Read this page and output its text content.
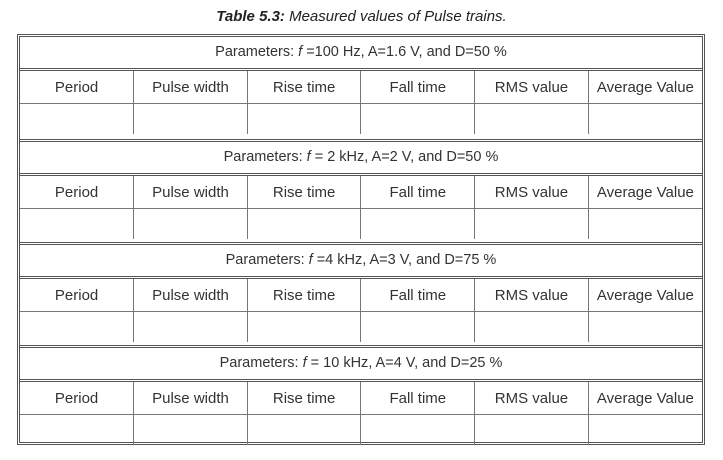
Table 5.3: Measured values of Pulse trains.
Parameters: f =100 Hz, A=1.6 V, and D=50 %
Period	Pulse width	Rise time	Fall time	RMS value	Average Value

Parameters: f = 2 kHz, A=2 V, and D=50 %
Period	Pulse width	Rise time	Fall time	RMS value	Average Value

Parameters: f =4 kHz, A=3 V, and D=75 %
Period	Pulse width	Rise time	Fall time	RMS value	Average Value

Parameters: f = 10 kHz, A=4 V, and D=25 %
Period	Pulse width	Rise time	Fall time	RMS value	Average Value
